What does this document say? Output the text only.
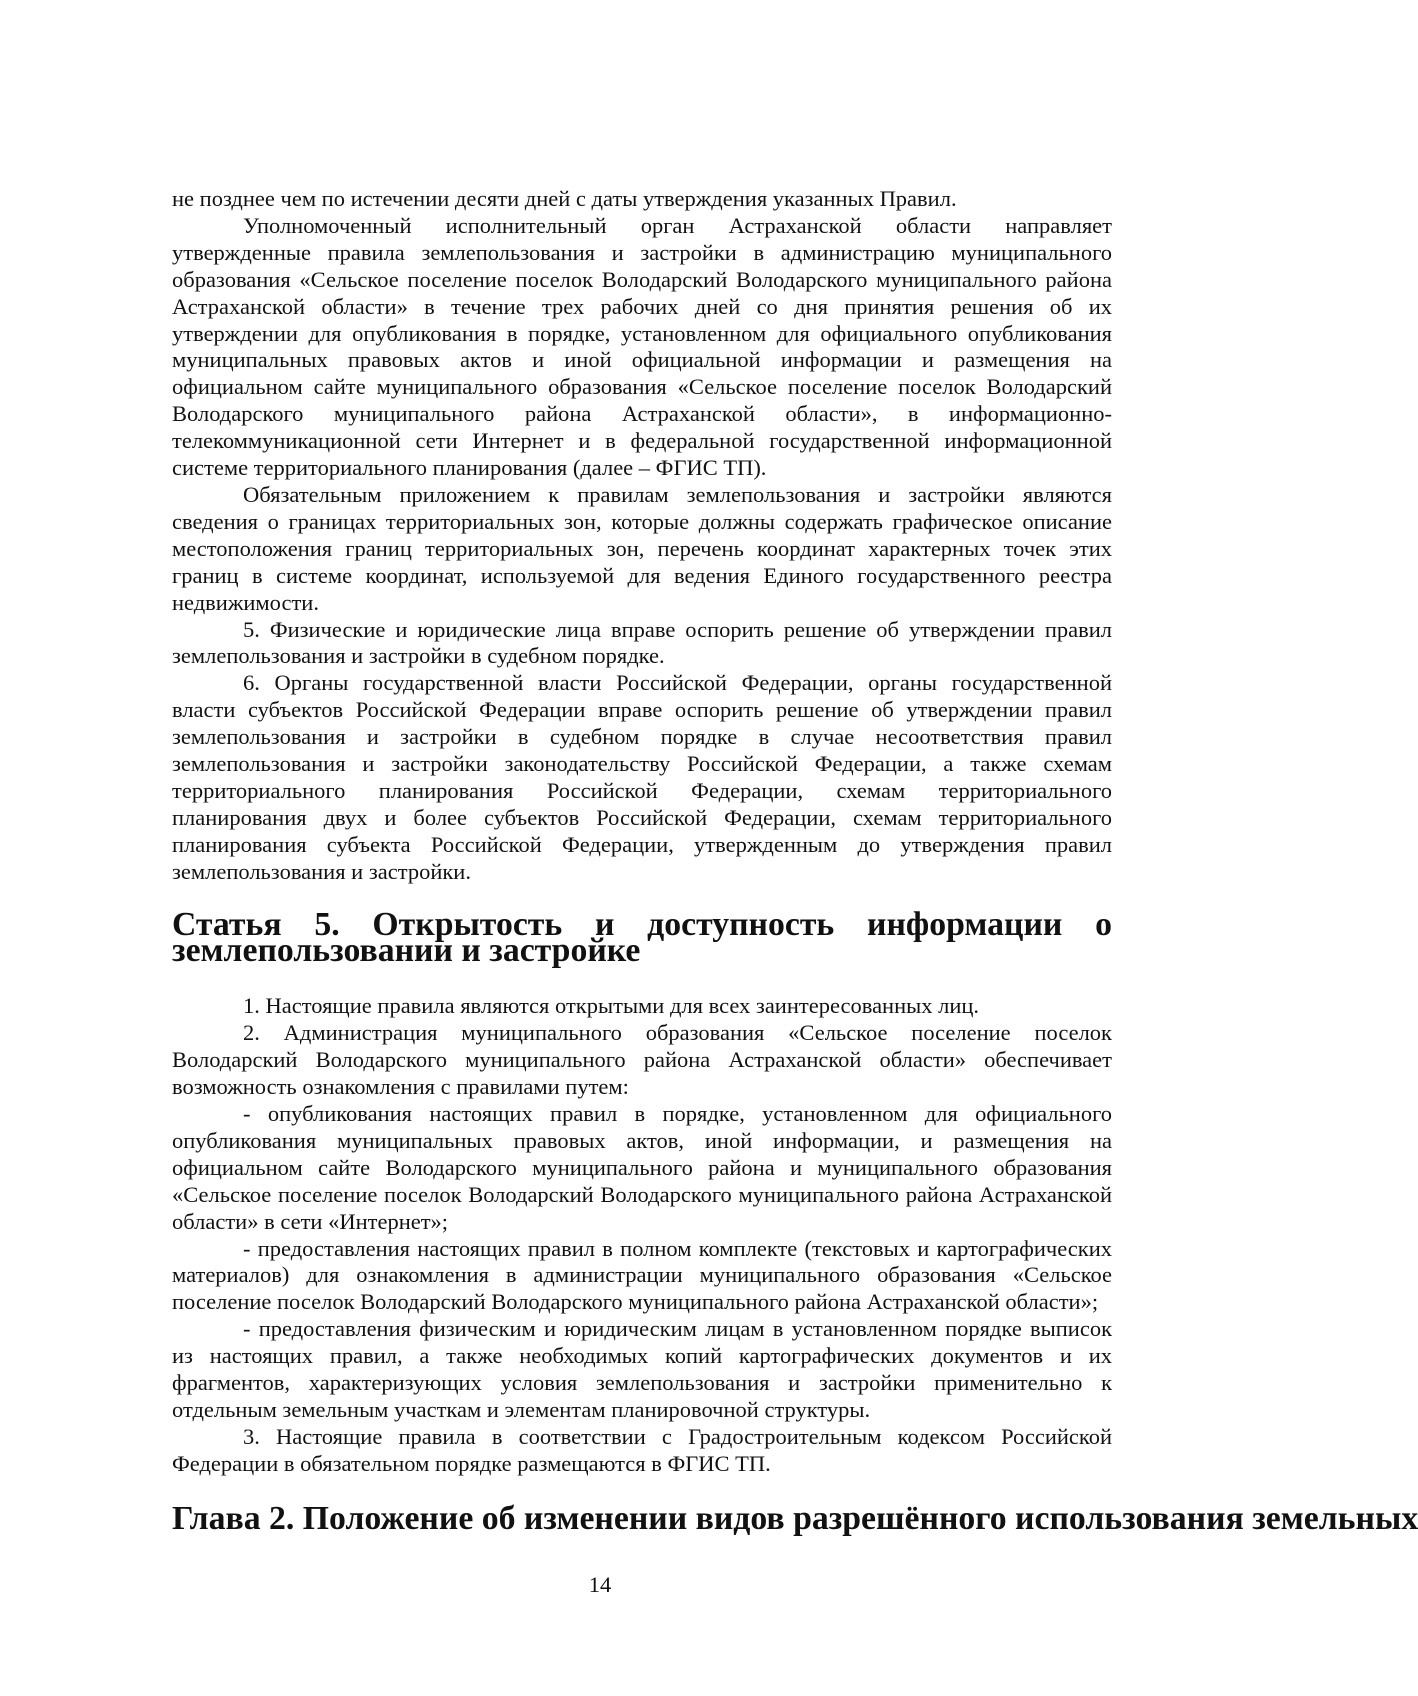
не позднее чем по истечении десяти дней с даты утверждения указанных Правил.

Уполномоченный исполнительный орган Астраханской области направляет утвержденные правила землепользования и застройки в администрацию муниципального образования «Сельское поселение поселок Володарский Володарского муниципального района Астраханской области» в течение трех рабочих дней со дня принятия решения об их утверждении для опубликования в порядке, установленном для официального опубликования муниципальных правовых актов и иной официальной информации и размещения на официальном сайте муниципального образования «Сельское поселение поселок Володарский Володарского муниципального района Астраханской области», в информационно-телекоммуникационной сети Интернет и в федеральной государственной информационной системе территориального планирования (далее – ФГИС ТП).

Обязательным приложением к правилам землепользования и застройки являются сведения о границах территориальных зон, которые должны содержать графическое описание местоположения границ территориальных зон, перечень координат характерных точек этих границ в системе координат, используемой для ведения Единого государственного реестра недвижимости.

5. Физические и юридические лица вправе оспорить решение об утверждении правил землепользования и застройки в судебном порядке.

6. Органы государственной власти Российской Федерации, органы государственной власти субъектов Российской Федерации вправе оспорить решение об утверждении правил землепользования и застройки в судебном порядке в случае несоответствия правил землепользования и застройки законодательству Российской Федерации, а также схемам территориального планирования Российской Федерации, схемам территориального планирования двух и более субъектов Российской Федерации, схемам территориального планирования субъекта Российской Федерации, утвержденным до утверждения правил землепользования и застройки.

Статья 5. Открытость и доступность информации о землепользовании и застройке

1. Настоящие правила являются открытыми для всех заинтересованных лиц.

2. Администрация муниципального образования «Сельское поселение поселок Володарский Володарского муниципального района Астраханской области» обеспечивает возможность ознакомления с правилами путем:

- опубликования настоящих правил в порядке, установленном для официального опубликования муниципальных правовых актов, иной информации, и размещения на официальном сайте Володарского муниципального района и муниципального образования «Сельское поселение поселок Володарский Володарского муниципального района Астраханской области» в сети «Интернет»;

- предоставления настоящих правил в полном комплекте (текстовых и картографических материалов) для ознакомления в администрации муниципального образования «Сельское поселение поселок Володарский Володарского муниципального района Астраханской области»;

- предоставления физическим и юридическим лицам в установленном порядке выписок из настоящих правил, а также необходимых копий картографических документов и их фрагментов, характеризующих условия землепользования и застройки применительно к отдельным земельным участкам и элементам планировочной структуры.

3. Настоящие правила в соответствии с Градостроительным кодексом Российской Федерации в обязательном порядке размещаются в ФГИС ТП.

Глава 2. Положение об изменении видов разрешённого использования земельных
14
